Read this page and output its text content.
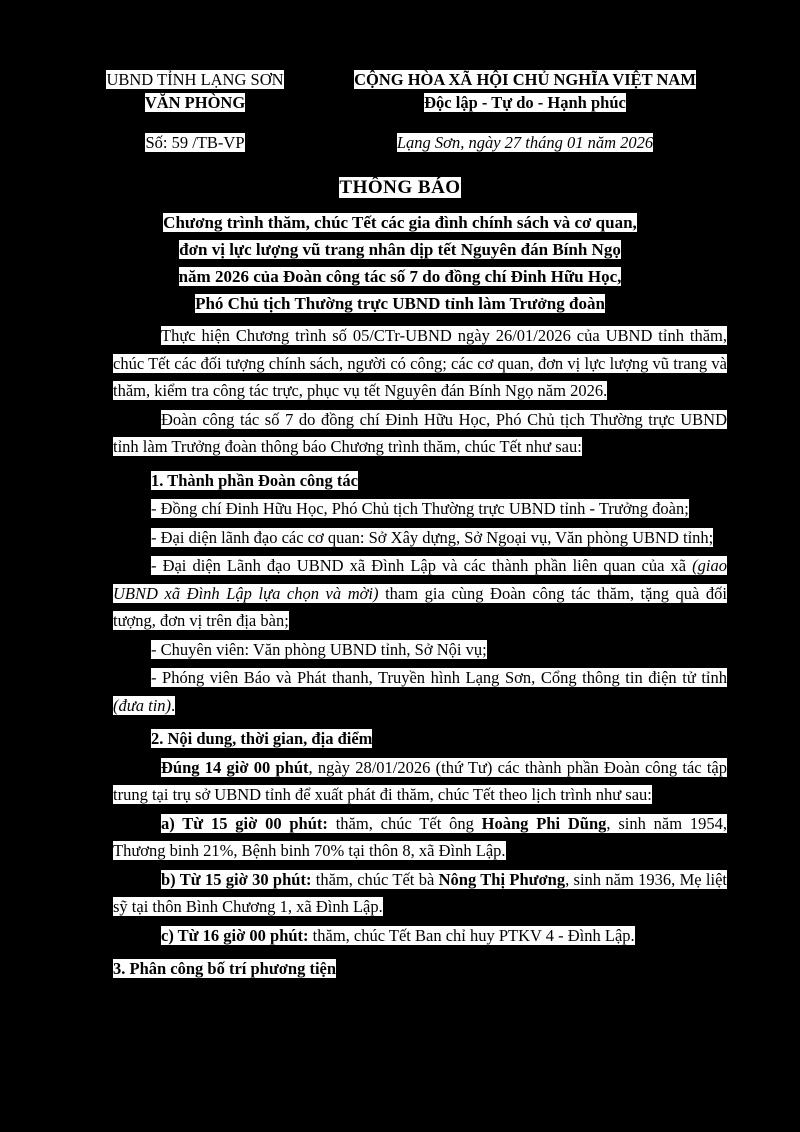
UBND TỈNH LẠNG SƠN
VĂN PHÒNG
CỘNG HÒA XÃ HỘI CHỦ NGHĨA VIỆT NAM
Độc lập - Tự do - Hạnh phúc
Số: 59 /TB-VP	Lạng Sơn, ngày 27 tháng 01 năm 2026
THÔNG BÁO
Chương trình thăm, chúc Tết các gia đình chính sách và cơ quan,
đơn vị lực lượng vũ trang nhân dịp tết Nguyên đán Bính Ngọ
năm 2026 của Đoàn công tác số 7 do đồng chí Đinh Hữu Học,
Phó Chủ tịch Thường trực UBND tỉnh làm Trưởng đoàn

Thực hiện Chương trình số 05/CTr-UBND ngày 26/01/2026 của UBND tỉnh thăm, chúc Tết các đối tượng chính sách, người có công; các cơ quan, đơn vị lực lượng vũ trang và thăm, kiểm tra công tác trực, phục vụ tết Nguyên đán Bính Ngọ năm 2026.

Đoàn công tác số 7 do đồng chí Đinh Hữu Học, Phó Chủ tịch Thường trực UBND tỉnh làm Trưởng đoàn thông báo Chương trình thăm, chúc Tết như sau:

1. Thành phần Đoàn công tác

- Đồng chí Đinh Hữu Học, Phó Chủ tịch Thường trực UBND tỉnh - Trưởng đoàn;

- Đại diện lãnh đạo các cơ quan: Sở Xây dựng, Sở Ngoại vụ, Văn phòng UBND tỉnh;

- Đại diện Lãnh đạo UBND xã Đình Lập và các thành phần liên quan của xã (giao UBND xã Đình Lập lựa chọn và mời) tham gia cùng Đoàn công tác thăm, tặng quà đối tượng, đơn vị trên địa bàn;

- Chuyên viên: Văn phòng UBND tỉnh, Sở Nội vụ;

- Phóng viên Báo và Phát thanh, Truyền hình Lạng Sơn, Cổng thông tin điện tử tỉnh (đưa tin).

2. Nội dung, thời gian, địa điểm

Đúng 14 giờ 00 phút, ngày 28/01/2026 (thứ Tư) các thành phần Đoàn công tác tập trung tại trụ sở UBND tỉnh để xuất phát đi thăm, chúc Tết theo lịch trình như sau:

a) Từ 15 giờ 00 phút: thăm, chúc Tết ông Hoàng Phi Dũng, sinh năm 1954, Thương binh 21%, Bệnh binh 70% tại thôn 8, xã Đình Lập.

b) Từ 15 giờ 30 phút: thăm, chúc Tết bà Nông Thị Phương, sinh năm 1936, Mẹ liệt sỹ tại thôn Bình Chương 1, xã Đình Lập.

c) Từ 16 giờ 00 phút: thăm, chúc Tết Ban chỉ huy PTKV 4 - Đình Lập.

3. Phân công bố trí phương tiện
